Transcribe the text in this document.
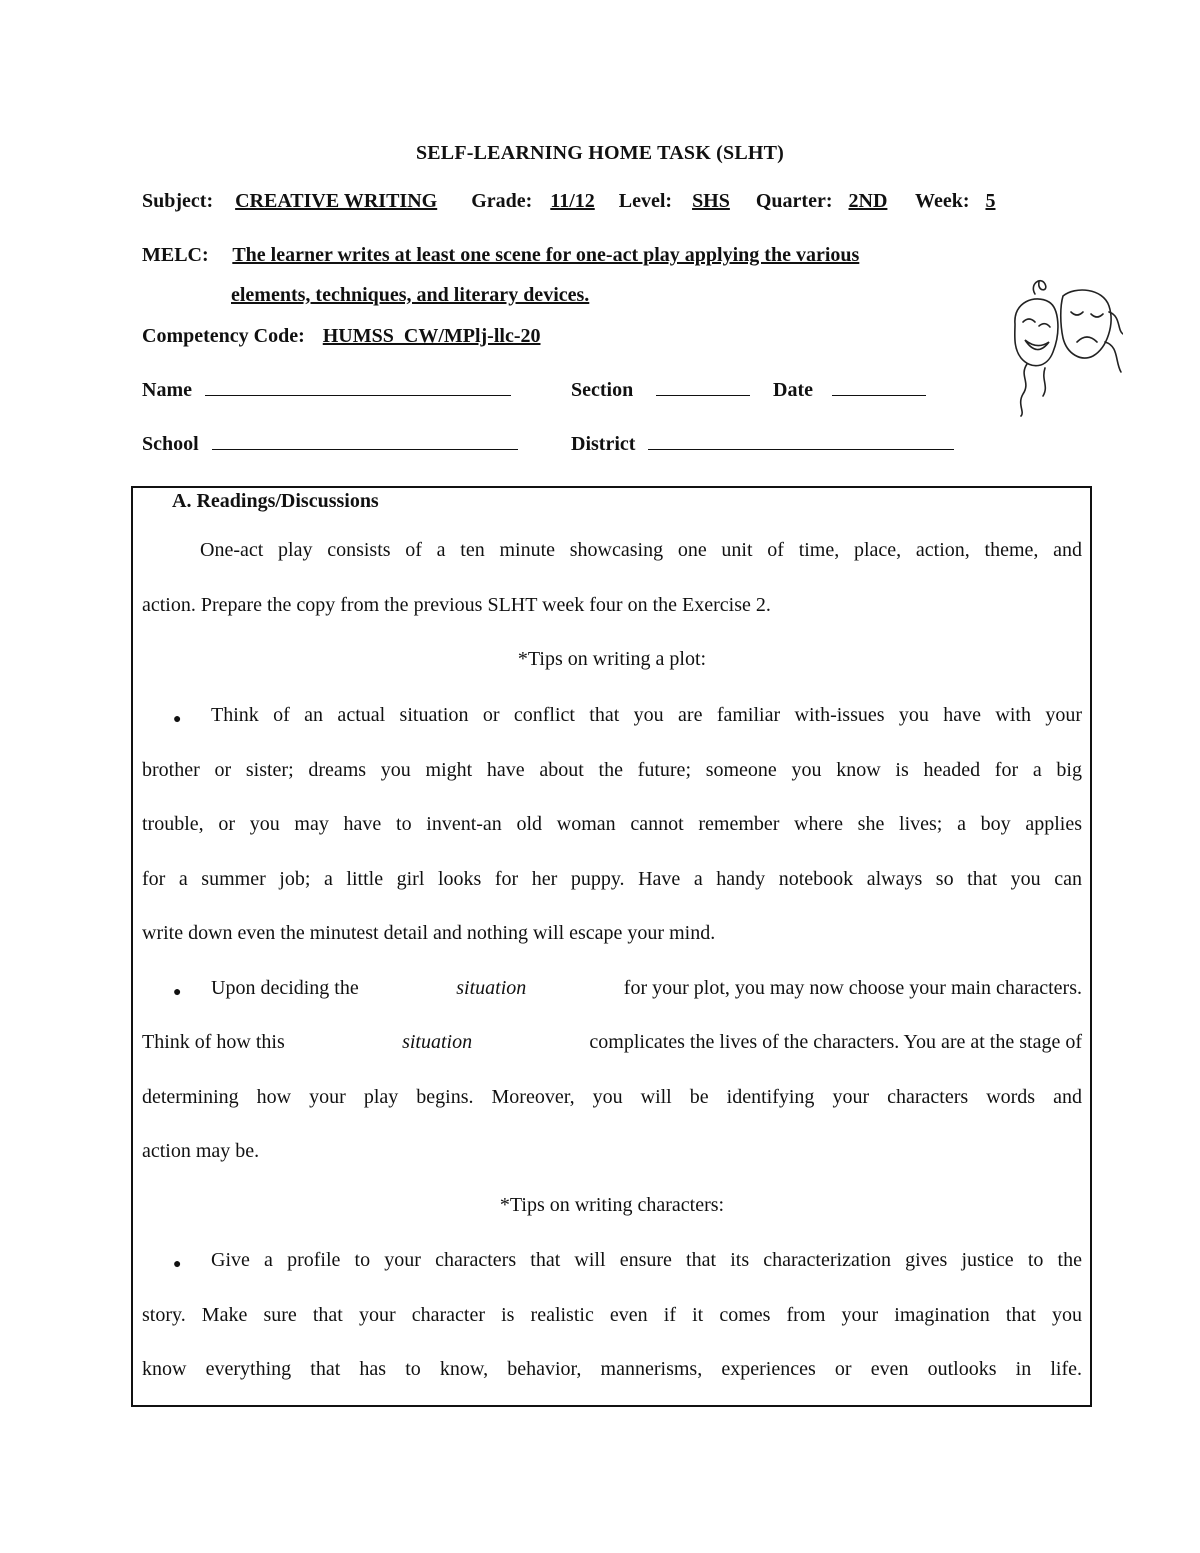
SELF-LEARNING HOME TASK (SLHT)
Subject: CREATIVE WRITING Grade: 11/12 Level: SHS Quarter: 2ND Week: 5
MELC: The learner writes at least one scene for one-act play applying the various
elements, techniques, and literary devices.
Competency Code: HUMSS_CW/MPlj-llc-20
Name	Section	Date
School	District
A. Readings/Discussions
One-act play consists of a ten minute showcasing one unit of time, place, action, theme, and
action. Prepare the copy from the previous SLHT week four on the Exercise 2.
*Tips on writing a plot:
● Think of an actual situation or conflict that you are familiar with-issues you have with your
brother or sister; dreams you might have about the future; someone you know is headed for a big
trouble, or you may have to invent-an old woman cannot remember where she lives; a boy applies
for a summer job; a little girl looks for her puppy. Have a handy notebook always so that you can
write down even the minutest detail and nothing will escape your mind.
● Upon deciding the	situation	for your plot, you may now choose your main characters.
Think of how this	situation	complicates the lives of the characters. You are at the stage of
determining how your play begins. Moreover, you will be identifying your characters words and
action may be.
*Tips on writing characters:
● Give a profile to your characters that will ensure that its characterization gives justice to the
story. Make sure that your character is realistic even if it comes from your imagination that you
know everything that has to know, behavior, mannerisms, experiences or even outlooks in life.
